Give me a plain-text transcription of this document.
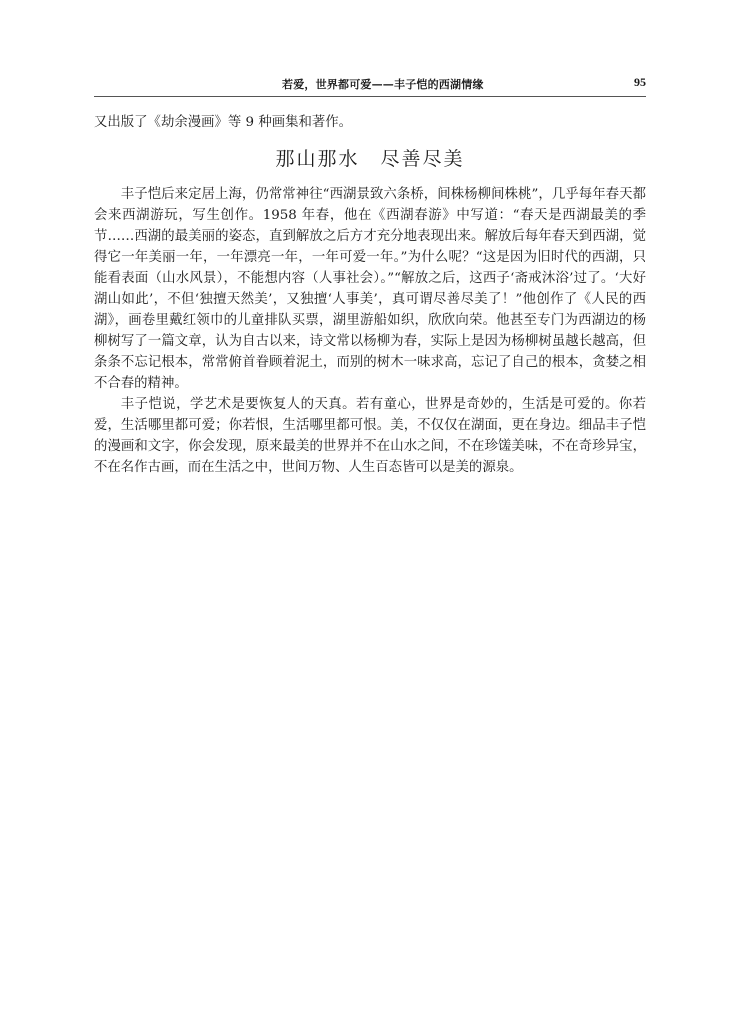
若爱，世界都可爱——丰子恺的西湖情缘	95

又出版了《劫余漫画》等 9 种画集和著作。

那山那水　尽善尽美

丰子恺后来定居上海，仍常常神往“西湖景致六条桥，间株杨柳间株桃”，几乎每年春天都会来西湖游玩，写生创作。1958 年春，他在《西湖春游》中写道：“春天是西湖最美的季节……西湖的最美丽的姿态，直到解放之后方才充分地表现出来。解放后每年春天到西湖，觉得它一年美丽一年，一年漂亮一年，一年可爱一年。”为什么呢？“这是因为旧时代的西湖，只能看表面（山水风景），不能想内容（人事社会）。”“解放之后，这西子‘斋戒沐浴’过了。‘大好湖山如此’，不但‘独擅天然美’，又独擅‘人事美’，真可谓尽善尽美了！”他创作了《人民的西湖》，画卷里戴红领巾的儿童排队买票，湖里游船如织，欣欣向荣。他甚至专门为西湖边的杨柳树写了一篇文章，认为自古以来，诗文常以杨柳为春，实际上是因为杨柳树虽越长越高，但条条不忘记根本，常常俯首眷顾着泥土，而别的树木一味求高，忘记了自己的根本，贪婪之相不合春的精神。

丰子恺说，学艺术是要恢复人的天真。若有童心，世界是奇妙的，生活是可爱的。你若爱，生活哪里都可爱；你若恨，生活哪里都可恨。美，不仅仅在湖面，更在身边。细品丰子恺的漫画和文字，你会发现，原来最美的世界并不在山水之间，不在珍馐美味，不在奇珍异宝，不在名作古画，而在生活之中，世间万物、人生百态皆可以是美的源泉。
